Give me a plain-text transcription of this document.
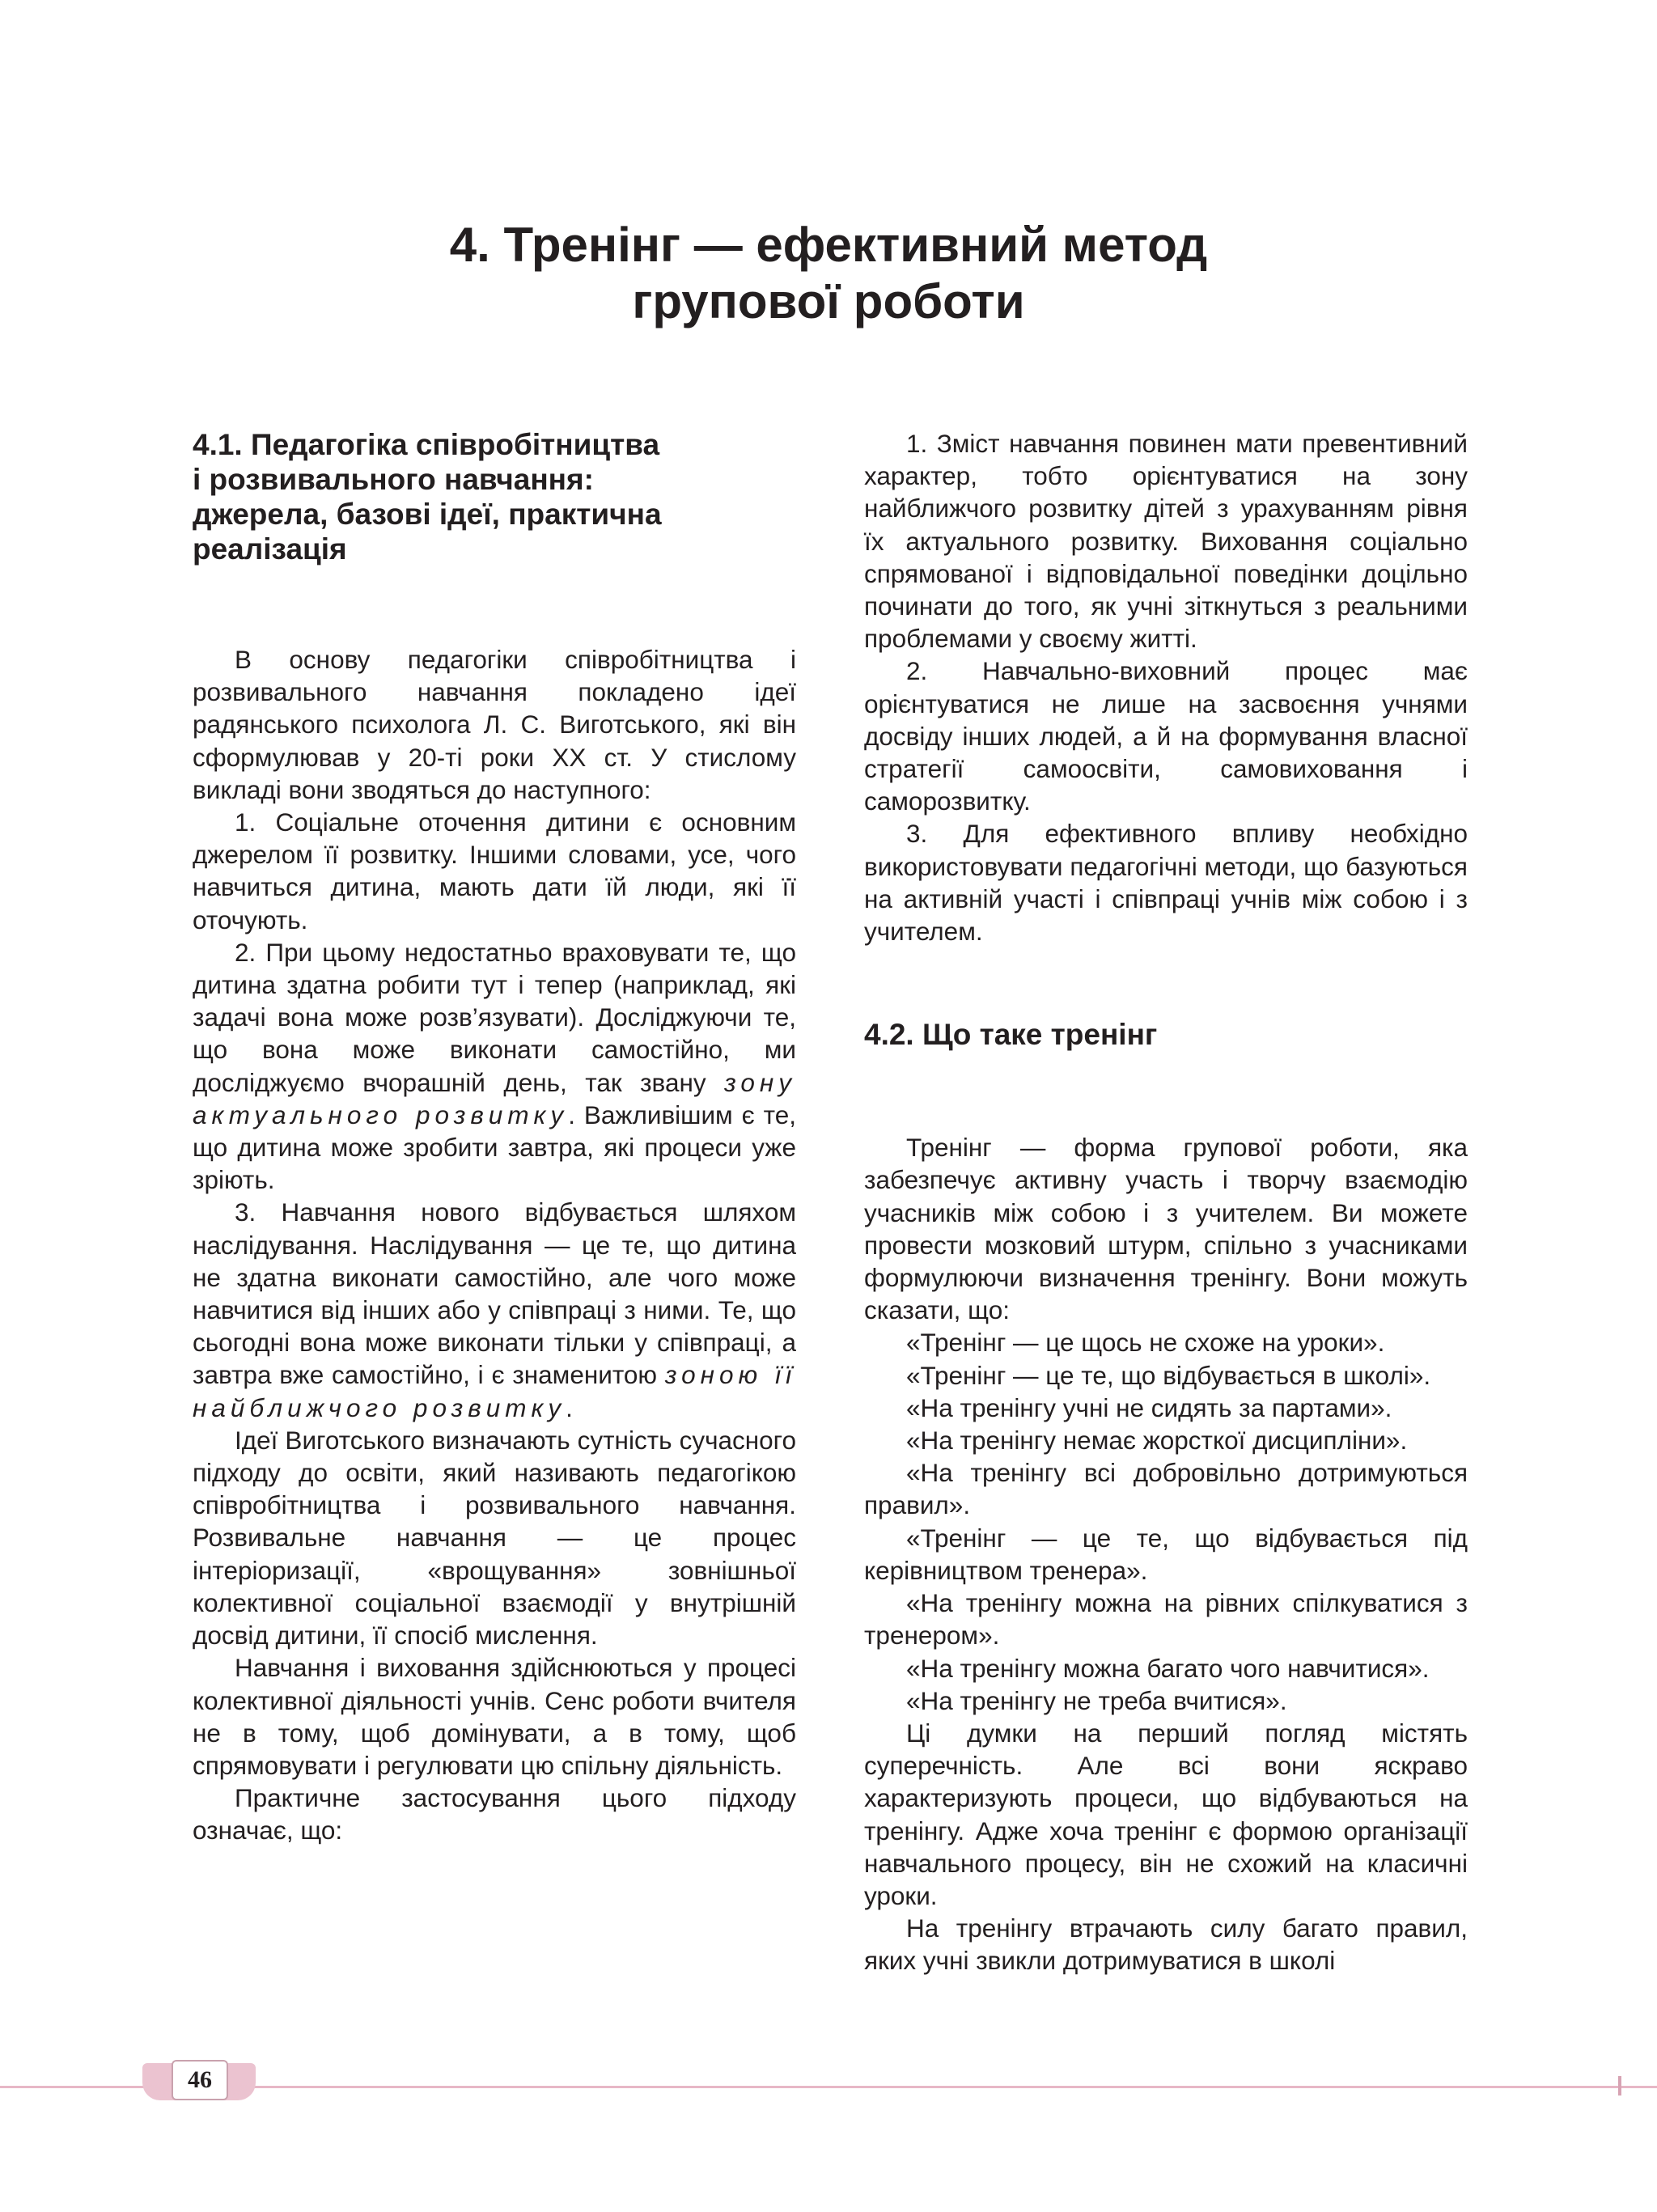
4. Тренінг — ефективний метод
групової роботи
4.1. Педагогіка співробітництва
і розвивального навчання:
джерела, базові ідеї, практична
реалізація

В основу педагогіки співробітництва і розвивального навчання покладено ідеї радянського психолога Л. С. Виготського, які він сформулював у 20-ті роки XX ст. У стислому викладі вони зводяться до наступного:

1. Соціальне оточення дитини є основним джерелом її розвитку. Іншими словами, усе, чого навчиться дитина, мають дати їй люди, які її оточують.

2. При цьому недостатньо враховувати те, що дитина здатна робити тут і тепер (наприклад, які задачі вона може розв’язувати). Досліджуючи те, що вона може виконати самостійно, ми досліджуємо вчорашній день, так звану зону актуального розвитку. Важливішим є те, що дитина може зробити завтра, які процеси уже зріють.

3. Навчання нового відбувається шляхом наслідування. Наслідування — це те, що дитина не здатна виконати самостійно, але чого може навчитися від інших або у співпраці з ними. Те, що сьогодні вона може виконати тільки у співпраці, а завтра вже самостійно, і є знаменитою зоною її найближчого розвитку.

Ідеї Виготського визначають сутність сучасного підходу до освіти, який називають педагогікою співробітництва і розвивального навчання. Розвивальне навчання — це процес інтеріоризації, «врощування» зовнішньої колективної соціальної взаємодії у внутрішній досвід дитини, її спосіб мислення.

Навчання і виховання здійснюються у процесі колективної діяльності учнів. Сенс роботи вчителя не в тому, щоб домінувати, а в тому, щоб спрямовувати і регулювати цю спільну діяльність.

Практичне застосування цього підходу означає, що:

1. Зміст навчання повинен мати превентивний характер, тобто орієнтуватися на зону найближчого розвитку дітей з урахуванням рівня їх актуального розвитку. Виховання соціально спрямованої і відповідальної поведінки доцільно починати до того, як учні зіткнуться з реальними проблемами у своєму житті.

2. Навчально-виховний процес має орієнтуватися не лише на засвоєння учнями досвіду інших людей, а й на формування власної стратегії самоосвіти, самовиховання і саморозвитку.

3. Для ефективного впливу необхідно використовувати педагогічні методи, що базуються на активній участі і співпраці учнів між собою і з учителем.

4.2. Що таке тренінг

Тренінг — форма групової роботи, яка забезпечує активну участь і творчу взаємодію учасників між собою і з учителем. Ви можете провести мозковий штурм, спільно з учасниками формулюючи визначення тренінгу. Вони можуть сказати, що:

«Тренінг — це щось не схоже на уроки».

«Тренінг — це те, що відбувається в школі».

«На тренінгу учні не сидять за партами».

«На тренінгу немає жорсткої дисципліни».

«На тренінгу всі добровільно дотримуються правил».

«Тренінг — це те, що відбувається під керівництвом тренера».

«На тренінгу можна на рівних спілкуватися з тренером».

«На тренінгу можна багато чого навчитися».

«На тренінгу не треба вчитися».

Ці думки на перший погляд містять суперечність. Але всі вони яскраво характеризують процеси, що відбуваються на тренінгу. Адже хоча тренінг є формою організації навчального процесу, він не схожий на класичні уроки.

На тренінгу втрачають силу багато правил, яких учні звикли дотримуватися в школі

46
